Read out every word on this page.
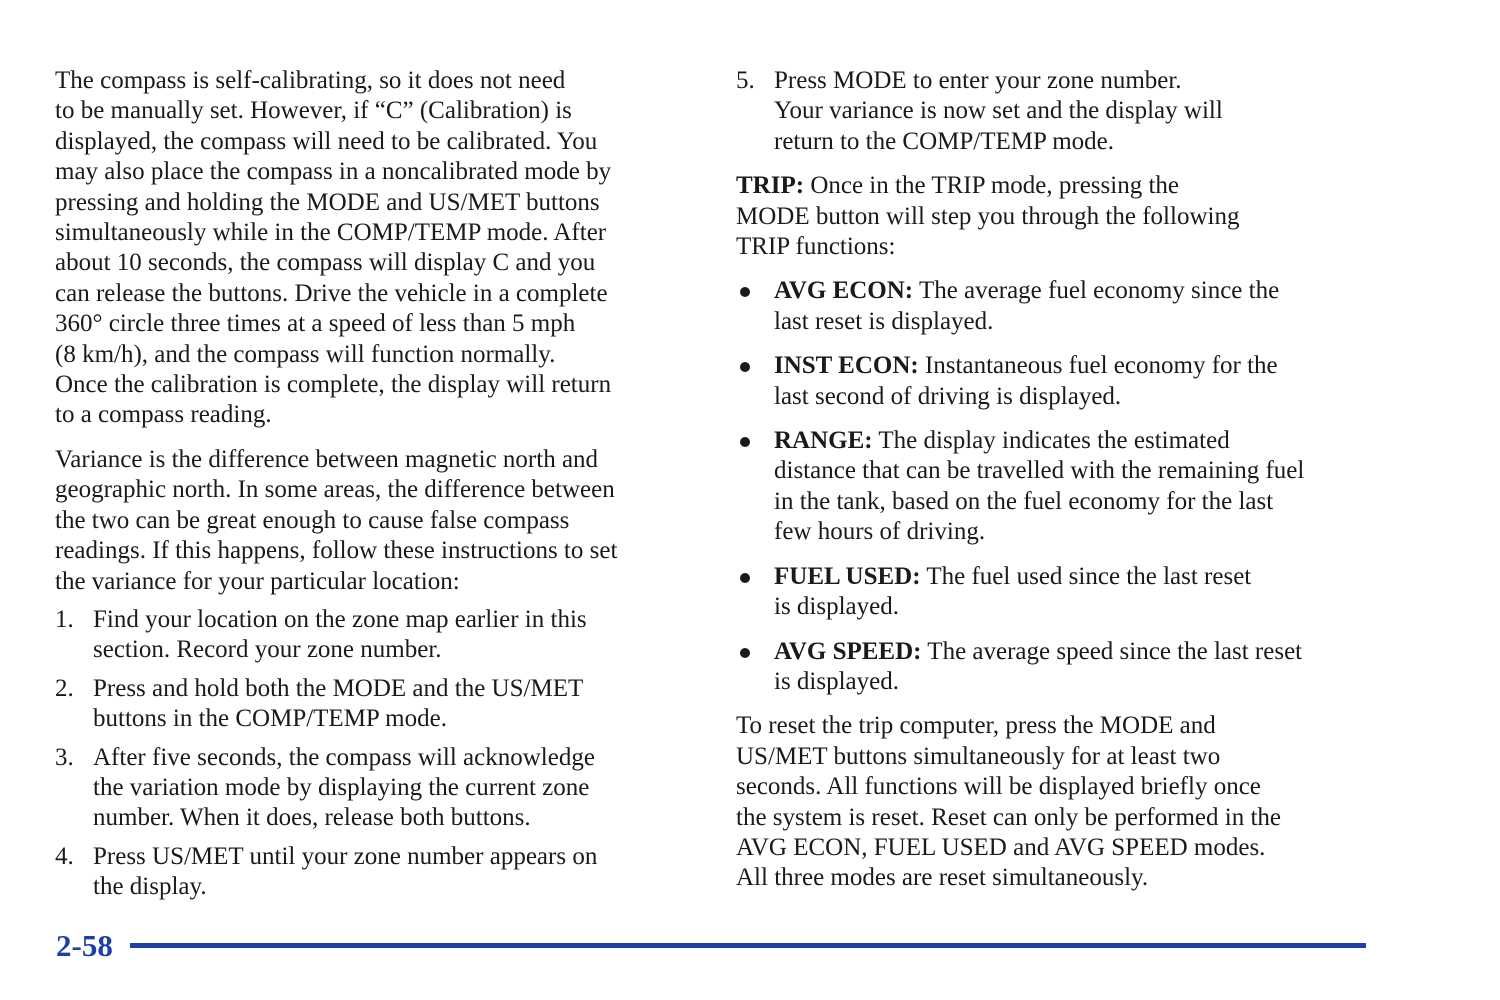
The compass is self-calibrating, so it does not need
to be manually set. However, if “C” (Calibration) is
displayed, the compass will need to be calibrated. You
may also place the compass in a noncalibrated mode by
pressing and holding the MODE and US/MET buttons
simultaneously while in the COMP/TEMP mode. After
about 10 seconds, the compass will display C and you
can release the buttons. Drive the vehicle in a complete
360° circle three times at a speed of less than 5 mph
(8 km/h), and the compass will function normally.
Once the calibration is complete, the display will return
to a compass reading.

Variance is the difference between magnetic north and
geographic north. In some areas, the difference between
the two can be great enough to cause false compass
readings. If this happens, follow these instructions to set
the variance for your particular location:

1. Find your location on the zone map earlier in this
section. Record your zone number.
2. Press and hold both the MODE and the US/MET
buttons in the COMP/TEMP mode.
3. After five seconds, the compass will acknowledge
the variation mode by displaying the current zone
number. When it does, release both buttons.
4. Press US/MET until your zone number appears on
the display.
5. Press MODE to enter your zone number.
Your variance is now set and the display will
return to the COMP/TEMP mode.

TRIP: Once in the TRIP mode, pressing the
MODE button will step you through the following
TRIP functions:

AVG ECON: The average fuel economy since the
last reset is displayed.
INST ECON: Instantaneous fuel economy for the
last second of driving is displayed.
RANGE: The display indicates the estimated
distance that can be travelled with the remaining fuel
in the tank, based on the fuel economy for the last
few hours of driving.
FUEL USED: The fuel used since the last reset
is displayed.
AVG SPEED: The average speed since the last reset
is displayed.

To reset the trip computer, press the MODE and
US/MET buttons simultaneously for at least two
seconds. All functions will be displayed briefly once
the system is reset. Reset can only be performed in the
AVG ECON, FUEL USED and AVG SPEED modes.
All three modes are reset simultaneously.

2-58
